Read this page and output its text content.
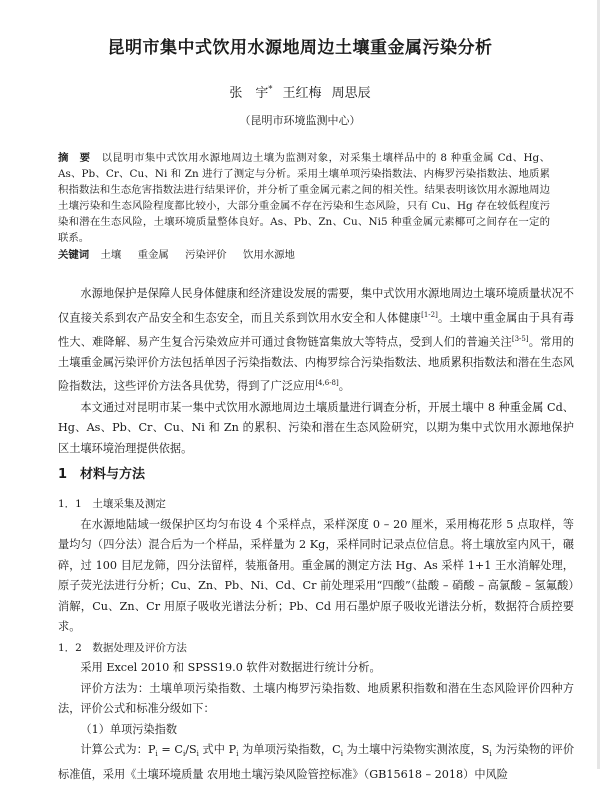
昆明市集中式饮用水源地周边土壤重金属污染分析
张　宇* 王红梅 周思辰
（昆明市环境监测中心）
摘　要 以昆明市集中式饮用水源地周边土壤为监测对象，对采集土壤样品中的 8 种重金属 Cd、Hg、As、Pb、Cr、Cu、Ni 和 Zn 进行了测定与分析。采用土壤单项污染指数法、内梅罗污染指数法、地质累积指数法和生态危害指数法进行结果评价，并分析了重金属元素之间的相关性。结果表明该饮用水源地周边土壤污染和生态风险程度都比较小，大部分重金属不存在污染和生态风险，只有 Cu、Hg 存在较低程度污染和潜在生态风险，土壤环境质量整体良好。As、Pb、Zn、Cu、Ni5 种重金属元素椰可之间存在一定的联系。
关键词 土壤 重金属 污染评价 饮用水源地

水源地保护是保障人民身体健康和经济建设发展的需要，集中式饮用水源地周边土壤环境质量状况不仅直接关系到农产品安全和生态安全，而且关系到饮用水安全和人体健康[1-2]。土壤中重金属由于具有毒性大、难降解、易产生复合污染效应并可通过食物链富集放大等特点，受到人们的普遍关注[3-5]。常用的土壤重金属污染评价方法包括单因子污染指数法、内梅罗综合污染指数法、地质累积指数法和潜在生态风险指数法，这些评价方法各具优势，得到了广泛应用[4,6-8]。

本文通过对昆明市某一集中式饮用水源地周边土壤质量进行调查分析，开展土壤中 8 种重金属 Cd、Hg、As、Pb、Cr、Cu、Ni 和 Zn 的累积、污染和潜在生态风险研究，以期为集中式饮用水源地保护区土壤环境治理提供依据。

1　材料与方法

1．1　土壤采集及测定

在水源地陆域一级保护区均匀布设 4 个采样点，采样深度 0 – 20 厘米，采用梅花形 5 点取样，等量均匀（四分法）混合后为一个样品，采样量为 2 Kg，采样同时记录点位信息。将土壤放室内风干，碾碎，过 100 目尼龙筛，四分法留样，装瓶备用。重金属的测定方法 Hg、As 采样 1+1 王水消解处理，原子荧光法进行分析；Cu、Zn、Pb、Ni、Cd、Cr 前处理采用“四酸”（盐酸 – 硝酸 – 高氯酸 – 氢氟酸）消解，Cu、Zn、Cr 用原子吸收光谱法分析；Pb、Cd 用石墨炉原子吸收光谱法分析，数据符合质控要求。

1．2　数据处理及评价方法

采用 Excel 2010 和 SPSS19.0 软件对数据进行统计分析。

评价方法为：土壤单项污染指数、土壤内梅罗污染指数、地质累积指数和潜在生态风险评价四种方法，评价公式和标准分级如下：

（1）单项污染指数

计算公式为：$P_i = C_i/S_i$ 式中 $P_i$ 为单项污染指数，$C_i$ 为土壤中污染物实测浓度，$S_i$ 为污染物的评价标准值，采用《土壤环境质量 农用地土壤污染风险管控标准》（GB15618 – 2018）中风险
